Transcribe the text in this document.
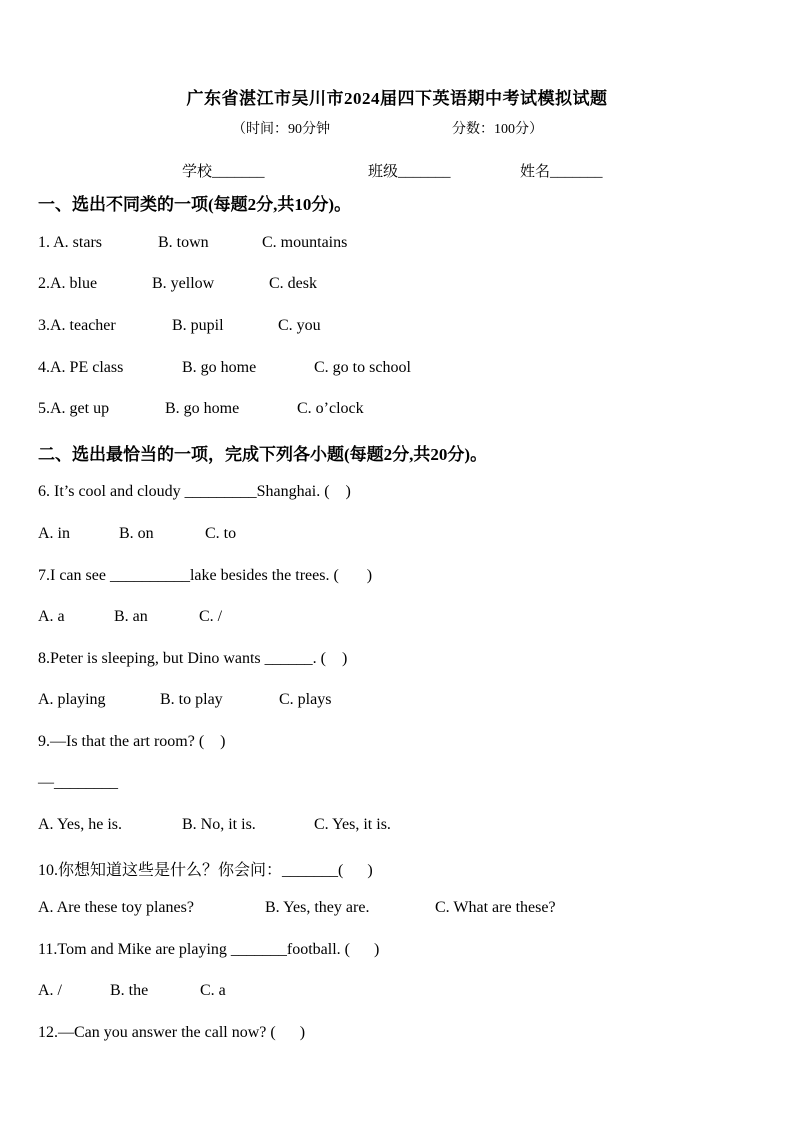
广东省湛江市吴川市2024届四下英语期中考试模拟试题
（时间：90分钟	分数：100分）
学校_______	班级_______	姓名_______
一、选出不同类的一项(每题2分,共10分)。
1. A. stars	B. town	C. mountains
2.A. blue	B. yellow	C. desk
3.A. teacher	B. pupil	C. you
4.A. PE class	B. go home	C. go to school
5.A. get up	B. go home	C. o’clock
二、选出最恰当的一项，完成下列各小题(每题2分,共20分)。
6. It’s cool and cloudy _________Shanghai. (    )
A. in	B. on	C. to
7.I can see __________lake besides the trees. (       )
A. a	B. an	C. /
8.Peter is sleeping, but Dino wants ______. (    )
A. playing	B. to play	C. plays
9.—Is that the art room? (    )
—________
A. Yes, he is.	B. No, it is.	C. Yes, it is.
10.你想知道这些是什么？你会问：_______(      )
A. Are these toy planes?	B. Yes, they are.	C. What are these?
11.Tom and Mike are playing _______football. (      )
A. /	B. the	C. a
12.—Can you answer the call now? (      )
